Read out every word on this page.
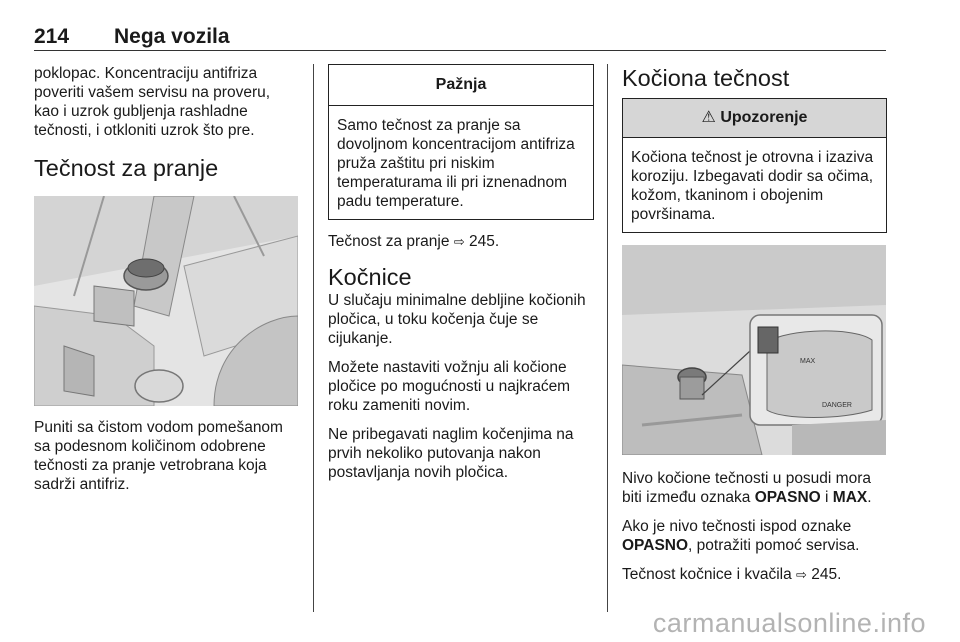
214 Nega vozila

poklopac. Koncentraciju antifriza poveriti vašem servisu na proveru, kao i uzrok gubljenja rashladne tečnosti, i otkloniti uzrok što pre.

Tečnost za pranje

Puniti sa čistom vodom pomešanom sa podesnom količinom odobrene tečnosti za pranje vetrobrana koja sadrži antifriz.

Pažnja
Samo tečnost za pranje sa dovoljnom koncentracijom antifriza pruža zaštitu pri niskim temperaturama ili pri iznenadnom padu temperature.

Tečnost za pranje ⇨ 245.

Kočnice

U slučaju minimalne debljine kočionih pločica, u toku kočenja čuje se cijukanje.

Možete nastaviti vožnju ali kočione pločice po mogućnosti u najkraćem roku zameniti novim.

Ne pribegavati naglim kočenjima na prvih nekoliko putovanja nakon postavljanja novih pločica.

Kočiona tečnost
⚠ Upozorenje
Kočiona tečnost je otrovna i izaziva koroziju. Izbegavati dodir sa očima, kožom, tkaninom i obojenim površinama.
MAX
DANGER

Nivo kočione tečnosti u posudi mora biti između oznaka OPASNO i MAX.

Ako je nivo tečnosti ispod oznake OPASNO, potražiti pomoć servisa.

Tečnost kočnice i kvačila ⇨ 245.

carmanualsonline.info
